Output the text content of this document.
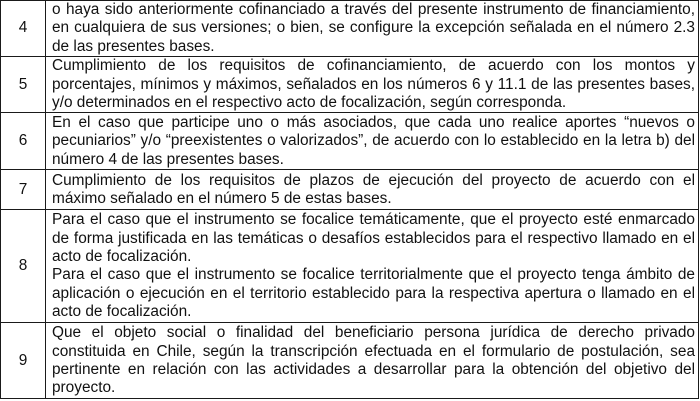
4	o haya sido anteriormente cofinanciado a través del presente instrumento de financiamiento, en cualquiera de sus versiones; o bien, se configure la excepción señalada en el número 2.3 de las presentes bases.

5	Cumplimiento de los requisitos de cofinanciamiento, de acuerdo con los montos y porcentajes, mínimos y máximos, señalados en los números 6 y 11.1 de las presentes bases, y/o determinados en el respectivo acto de focalización, según corresponda.

6	En el caso que participe uno o más asociados, que cada uno realice aportes “nuevos o pecuniarios” y/o “preexistentes o valorizados”, de acuerdo con lo establecido en la letra b) del número 4 de las presentes bases.

7	Cumplimiento de los requisitos de plazos de ejecución del proyecto de acuerdo con el máximo señalado en el número 5 de estas bases.

8	Para el caso que el instrumento se focalice temáticamente, que el proyecto esté enmarcado de forma justificada en las temáticas o desafíos establecidos para el respectivo llamado en el acto de focalización.
Para el caso que el instrumento se focalice territorialmente que el proyecto tenga ámbito de aplicación o ejecución en el territorio establecido para la respectiva apertura o llamado en el acto de focalización.

9	Que el objeto social o finalidad del beneficiario persona jurídica de derecho privado constituida en Chile, según la transcripción efectuada en el formulario de postulación, sea pertinente en relación con las actividades a desarrollar para la obtención del objetivo del proyecto.
